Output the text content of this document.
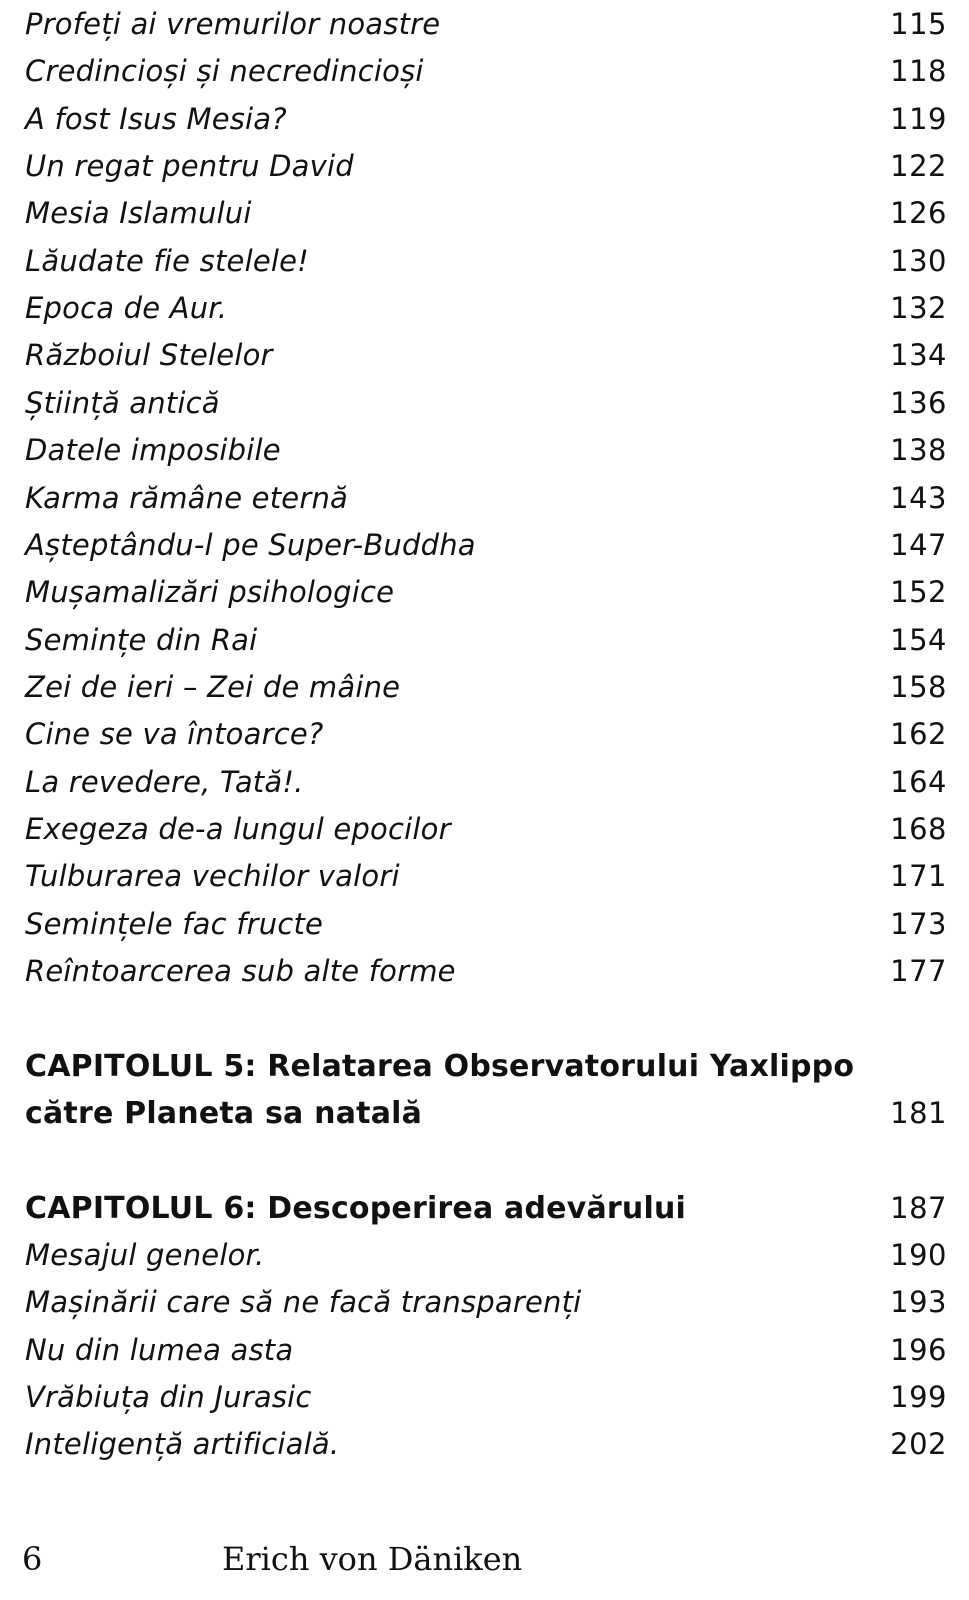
Profeți ai vremurilor noastre	115
Credincioși și necredincioși	118
A fost Isus Mesia?	119
Un regat pentru David	122
Mesia Islamului	126
Lăudate fie stelele!	130
Epoca de Aur.	132
Războiul Stelelor	134
Știință antică	136
Datele imposibile	138
Karma rămâne eternă	143
Așteptându-l pe Super-Buddha	147
Mușamalizări psihologice	152
Semințe din Rai	154
Zei de ieri – Zei de mâine	158
Cine se va întoarce?	162
La revedere, Tată!.	164
Exegeza de-a lungul epocilor	168
Tulburarea vechilor valori	171
Semințele fac fructe	173
Reîntoarcerea sub alte forme	177
CAPITOLUL 5: Relatarea Observatorului Yaxlippo
către Planeta sa natală	181
CAPITOLUL 6: Descoperirea adevărului	187
Mesajul genelor.	190
Mașinării care să ne facă transparenți	193
Nu din lumea asta	196
Vrăbiuța din Jurasic	199
Inteligență artificială.	202
6	Erich von Däniken
